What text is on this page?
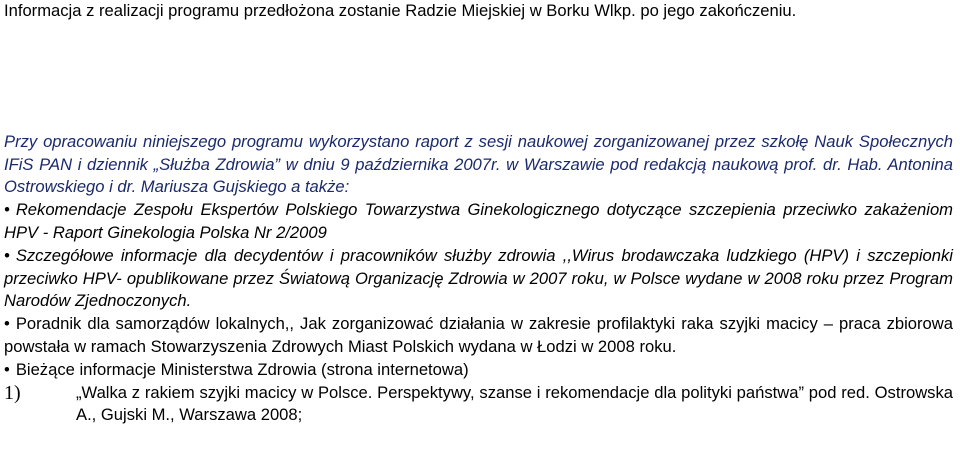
Informacja z realizacji programu przedłożona zostanie Radzie Miejskiej w Borku Wlkp. po jego zakończeniu.

Przy opracowaniu niniejszego programu wykorzystano raport z sesji naukowej zorganizowanej przez szkołę Nauk Społecznych IFiS PAN i dziennik „Służba Zdrowia” w dniu 9 października 2007r. w Warszawie pod redakcją naukową prof. dr. Hab. Antonina Ostrowskiego i dr. Mariusza Gujskiego a także:

• Rekomendacje Zespołu Ekspertów Polskiego Towarzystwa Ginekologicznego dotyczące szczepienia przeciwko zakażeniom HPV - Raport Ginekologia Polska Nr 2/2009

• Szczegółowe informacje dla decydentów i pracowników służby zdrowia ,,Wirus brodawczaka ludzkiego (HPV) i szczepionki przeciwko HPV- opublikowane przez Światową Organizację Zdrowia w 2007 roku, w Polsce wydane w 2008 roku przez Program Narodów Zjednoczonych.

• Poradnik dla samorządów lokalnych,, Jak zorganizować działania w zakresie profilaktyki raka szyjki macicy – praca zbiorowa powstała w ramach Stowarzyszenia Zdrowych Miast Polskich wydana w Łodzi w 2008 roku.

• Bieżące informacje Ministerstwa Zdrowia (strona internetowa)

1)	„Walka z rakiem szyjki macicy w Polsce. Perspektywy, szanse i rekomendacje dla polityki państwa” pod red. Ostrowska A., Gujski M., Warszawa 2008;
